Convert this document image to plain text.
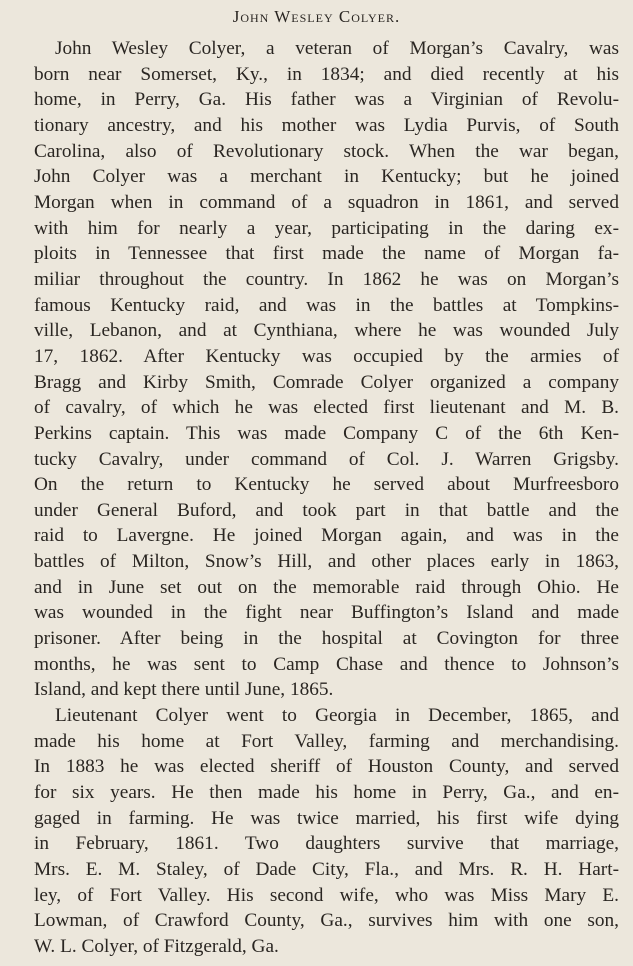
John Wesley Colyer.
John Wesley Colyer, a veteran of Morgan’s Cavalry, was
born near Somerset, Ky., in 1834; and died recently at his
home, in Perry, Ga. His father was a Virginian of Revolu-
tionary ancestry, and his mother was Lydia Purvis, of South
Carolina, also of Revolutionary stock. When the war began,
John Colyer was a merchant in Kentucky; but he joined
Morgan when in command of a squadron in 1861, and served
with him for nearly a year, participating in the daring ex-
ploits in Tennessee that first made the name of Morgan fa-
miliar throughout the country. In 1862 he was on Morgan’s
famous Kentucky raid, and was in the battles at Tompkins-
ville, Lebanon, and at Cynthiana, where he was wounded July
17, 1862. After Kentucky was occupied by the armies of
Bragg and Kirby Smith, Comrade Colyer organized a company
of cavalry, of which he was elected first lieutenant and M. B.
Perkins captain. This was made Company C of the 6th Ken-
tucky Cavalry, under command of Col. J. Warren Grigsby.
On the return to Kentucky he served about Murfreesboro
under General Buford, and took part in that battle and the
raid to Lavergne. He joined Morgan again, and was in the
battles of Milton, Snow’s Hill, and other places early in 1863,
and in June set out on the memorable raid through Ohio. He
was wounded in the fight near Buffington’s Island and made
prisoner. After being in the hospital at Covington for three
months, he was sent to Camp Chase and thence to Johnson’s
Island, and kept there until June, 1865.
Lieutenant Colyer went to Georgia in December, 1865, and
made his home at Fort Valley, farming and merchandising.
In 1883 he was elected sheriff of Houston County, and served
for six years. He then made his home in Perry, Ga., and en-
gaged in farming. He was twice married, his first wife dying
in February, 1861. Two daughters survive that marriage,
Mrs. E. M. Staley, of Dade City, Fla., and Mrs. R. H. Hart-
ley, of Fort Valley. His second wife, who was Miss Mary E.
Lowman, of Crawford County, Ga., survives him with one son,
W. L. Colyer, of Fitzgerald, Ga.
